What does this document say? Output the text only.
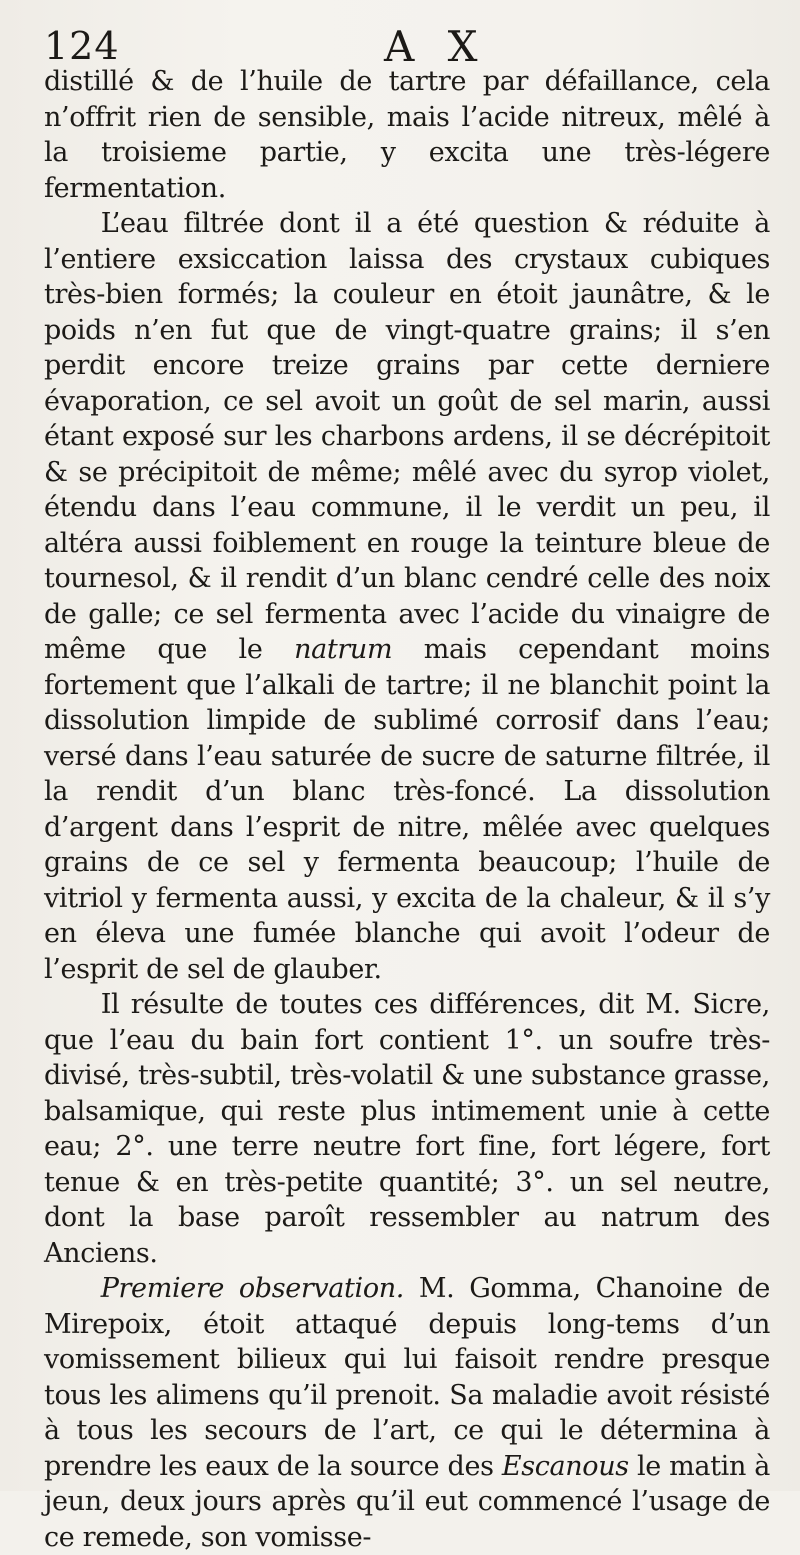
124	A X

distillé & de l’huile de tartre par défaillance, cela n’offrit rien de sensible, mais l’acide nitreux, mêlé à la troisieme partie, y excita une très-légere fermentation.

L’eau filtrée dont il a été question & réduite à l’entiere exsiccation laissa des crystaux cubiques très-bien formés; la couleur en étoit jaunâtre, & le poids n’en fut que de vingt-quatre grains; il s’en perdit encore treize grains par cette derniere évaporation, ce sel avoit un goût de sel marin, aussi étant exposé sur les charbons ardens, il se décrépitoit & se précipitoit de même; mêlé avec du syrop violet, étendu dans l’eau commune, il le verdit un peu, il altéra aussi foiblement en rouge la teinture bleue de tournesol, & il rendit d’un blanc cendré celle des noix de galle; ce sel fermenta avec l’acide du vinaigre de même que le natrum mais cependant moins fortement que l’alkali de tartre; il ne blanchit point la dissolution limpide de sublimé corrosif dans l’eau; versé dans l’eau saturée de sucre de saturne filtrée, il la rendit d’un blanc très-foncé. La dissolution d’argent dans l’esprit de nitre, mêlée avec quelques grains de ce sel y fermenta beaucoup; l’huile de vitriol y fermenta aussi, y excita de la chaleur, & il s’y en éleva une fumée blanche qui avoit l’odeur de l’esprit de sel de glauber.

Il résulte de toutes ces différences, dit M. Sicre, que l’eau du bain fort contient 1°. un soufre très-divisé, très-subtil, très-volatil & une substance grasse, balsamique, qui reste plus intimement unie à cette eau; 2°. une terre neutre fort fine, fort légere, fort tenue & en très-petite quantité; 3°. un sel neutre, dont la base paroît ressembler au natrum des Anciens.

Premiere observation. M. Gomma, Chanoine de Mirepoix, étoit attaqué depuis long-tems d’un vomissement bilieux qui lui faisoit rendre presque tous les alimens qu’il prenoit. Sa maladie avoit résisté à tous les secours de l’art, ce qui le détermina à prendre les eaux de la source des Escanous le matin à jeun, deux jours après qu’il eut commencé l’usage de ce remede, son vomisse-
